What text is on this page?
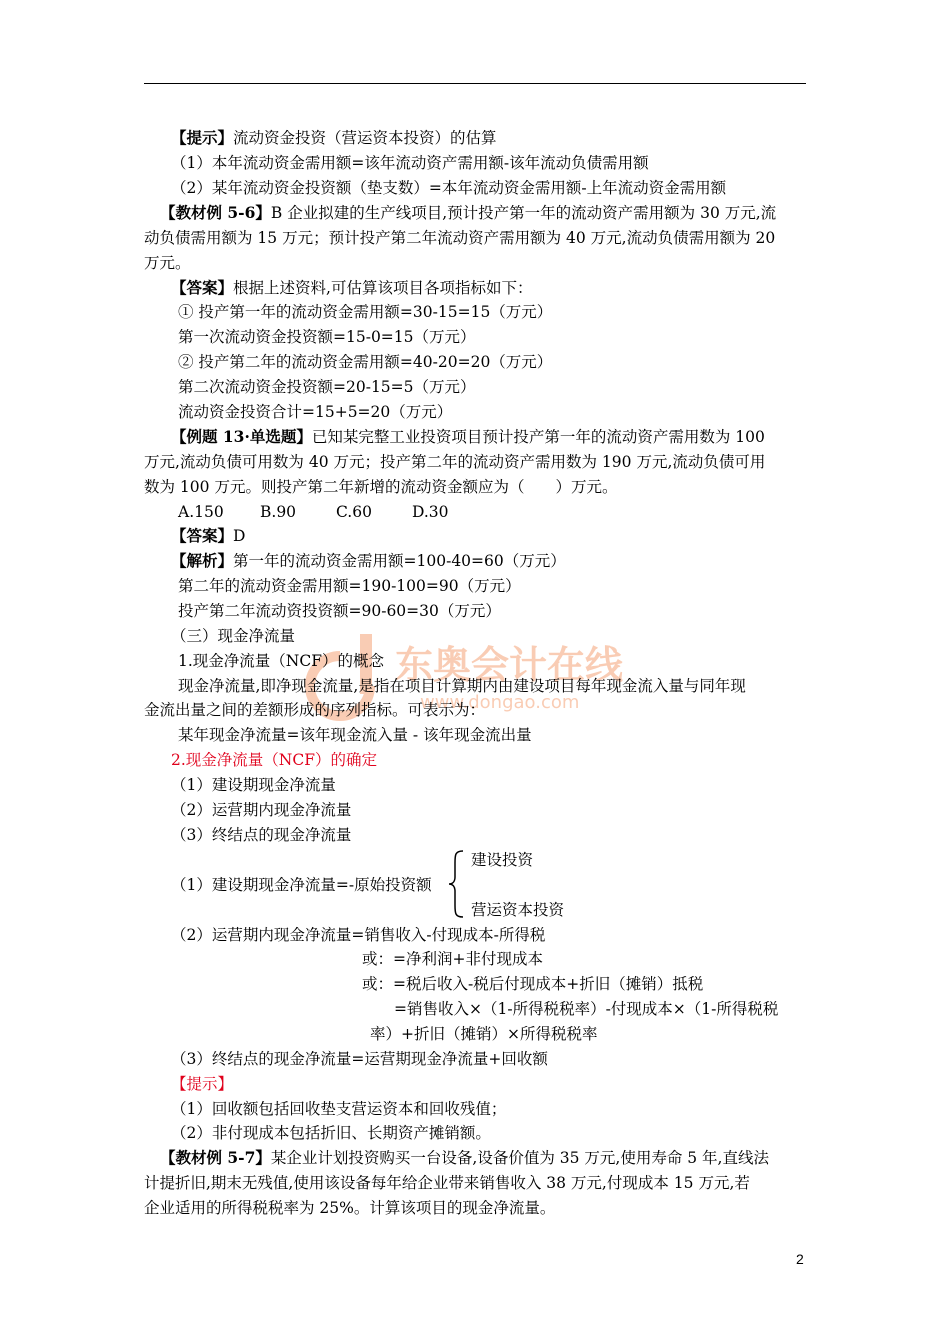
东奥会计在线
www.dongao.com
【提示】流动资金投资（营运资本投资）的估算
（1）本年流动资金需用额=该年流动资产需用额-该年流动负债需用额
（2）某年流动资金投资额（垫支数）=本年流动资金需用额-上年流动资金需用额
【教材例 5-6】B 企业拟建的生产线项目,预计投产第一年的流动资产需用额为 30 万元,流
动负债需用额为 15 万元；预计投产第二年流动资产需用额为 40 万元,流动负债需用额为 20
万元。
【答案】根据上述资料,可估算该项目各项指标如下：
① 投产第一年的流动资金需用额=30-15=15（万元）
第一次流动资金投资额=15-0=15（万元）
② 投产第二年的流动资金需用额=40-20=20（万元）
第二次流动资金投资额=20-15=5（万元）
流动资金投资合计=15+5=20（万元）
【例题 13·单选题】已知某完整工业投资项目预计投产第一年的流动资产需用数为 100
万元,流动负债可用数为 40 万元；投产第二年的流动资产需用数为 190 万元,流动负债可用
数为 100 万元。则投产第二年新增的流动资金额应为（　　）万元。
A.150 B.90	C.60	D.30
【答案】D
【解析】第一年的流动资金需用额=100-40=60（万元）
第二年的流动资金需用额=190-100=90（万元）
投产第二年流动资投资额=90-60=30（万元）
（三）现金净流量
1.现金净流量（NCF）的概念
现金净流量,即净现金流量,是指在项目计算期内由建设项目每年现金流入量与同年现
金流出量之间的差额形成的序列指标。可表示为：
某年现金净流量=该年现金流入量 - 该年现金流出量
2.现金净流量（NCF）的确定
（1）建设期现金净流量
（2）运营期内现金净流量
（3）终结点的现金净流量
建设投资
（1）建设期现金净流量=-原始投资额
营运资本投资
（2）运营期内现金净流量=销售收入-付现成本-所得税
或：=净利润+非付现成本
或：=税后收入-税后付现成本+折旧（摊销）抵税
=销售收入×（1-所得税税率）-付现成本×（1-所得税税
率）+折旧（摊销）×所得税税率
（3）终结点的现金净流量=运营期现金净流量+回收额
【提示】
（1）回收额包括回收垫支营运资本和回收残值；
（2）非付现成本包括折旧、长期资产摊销额。
【教材例 5-7】某企业计划投资购买一台设备,设备价值为 35 万元,使用寿命 5 年,直线法
计提折旧,期末无残值,使用该设备每年给企业带来销售收入 38 万元,付现成本 15 万元,若
企业适用的所得税税率为 25%。计算该项目的现金净流量。
2
